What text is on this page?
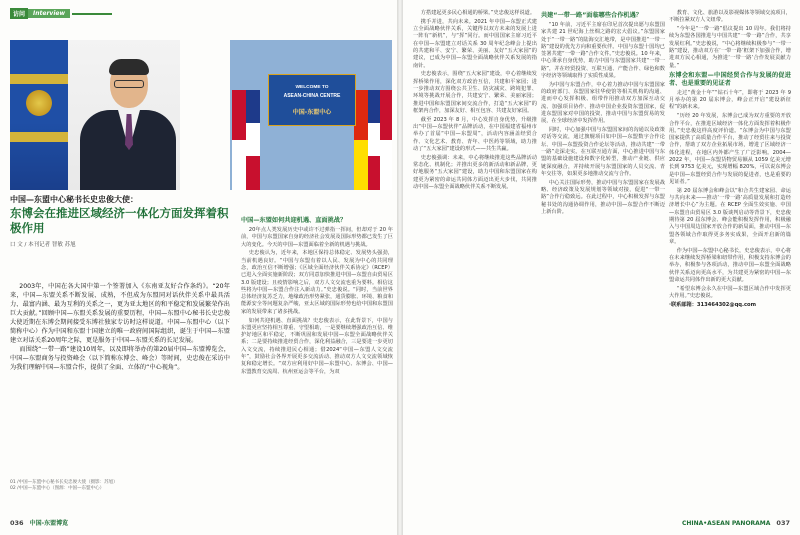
访问	Interview

中国—东盟中心秘书长史忠俊大使：

东博会在推进区域经济一体化方面发挥着积极作用

口 文 / 本刊记者 智敏 苏旭

2003年，中国在各大国中第一个签署加入《东南亚友好合作条约》。“20年来，中国—东盟关系不断发展、成熟，不但成为东盟同对话伙伴关系中最具活力、最富内涵、最为互利的关系之一，更为亚太地区的和平稳定和发展繁荣作出巨大贡献。”回顾中国—东盟关系发展的重要历程，中国—东盟中心秘书长史忠俊大使近期在东博会期间接受东博社独家专访时这样说道。中国—东盟中心（以下简称中心）作为中国和东盟十国建立的唯一政府间国际组织，诞生于中国—东盟建立对话关系20周年之际，更是服务于中国—东盟关系的长足发展。

而围绕“一带一路”建设10周年，以及即将举办的第20届中国—东盟博览会，中国—东盟商务与投资峰会（以下简称东博会、峰会）等时间，史忠俊在采访中为我们理解中国—东盟合作，提供了全面、立体的“中心视角”。

01 /中国—东盟中心秘书长史忠俊大使（摄影：苏旭）
02 /中国—东盟中心（图源：中国—东盟中心）
WELCOME TO
ASEAN-CHINA CENTRE
中国-东盟中心
中国—东盟如何共迎机遇、直面挑战？

20年点人类发展历史中或许不过弹指一挥间，但却对于 20 年前，中国与东盟国家自身的经济社会发展及国际形势都已发生了巨大的变化。今天的中国—东盟面临着全新的机遇与挑战。

史忠俊认为，近年来，本地区保持总体稳定、发展势头强劲，当前机遇良好。“中国与东盟有着以人民、发展为中心的共同理念，政治互信不断增强；《区域全面经济伙伴关系协定》（RCEP）已进入全面实施新阶段；双方同意加快推进中国—东盟自由贸易区 3.0 版建设；且疫情影响之后，双方人文交流也重为要料。相信这些将为中国—东盟合作注入新动力。”史忠俊说。“同时，当前世界总体经济复苏乏力，地缘政治形势紧张，通货膨胀、环境、粮食和能源安全等问题复杂严峻，亚太区域的国际形势也给中国和东盟国家的发展带来了诸多挑战。

如何共迎机遇、直面挑战？史忠俊表示，在此背景下，中国与东盟更应坚持相互尊重、守望相助，一是要继续增强政治互信、维护好地区和平稳定，不断巩固和发展中国—东盟全面战略伙伴关系；二是要持续推进经贸合作，深化利益融合，三是要进一步更切入文交流，持续推进民心相通；借2024“中国—东盟人文交流年”，鼓励社会各界开展更多交流活动、推动双方人文交流领域恢复和稳定增长。“双方应利用好中国—东盟中心、东博会、中国—东盟教育交流周、杭州亚运会等平台，为双

036 中国-东盟博览

方搭建起更多民心相通的桥梁。”史忠俊这样说道。

携手并进，共向未来。2021 年中国—东盟正式建立全面战略伙伴关系，关键得以双方未来的发展上进一阵有“新机”，与“挥”同行。而中国国家主席习近平在中国—东盟建立对话关系 30 周年纪念峰会上提出的共建和平、安宁、繁荣、美丽、友好“五大家园”的建议，已成为中国—东盟全面战略伙伴关系发展的指南针。

史忠俊表示，围绕“五大家园”建设，中心着继续发挥桥梁作用，深化双方政治互信，共建和平家园；进一步推动双方围绕公共卫生、防灾减灾、跨境犯罪、环境等挑战开展合作，共建安宁、繁荣、美丽家园；推进中国和东盟国家间交流合作，打造“五大家园”的框架内合作，加深友好、相互包容、共建友好家园。

截至 2023 年 8 月，中心发挥自身优势，升级推出“中国—东盟伙伴”品牌活动，在中国福建省福州市举办了首届“中国—东盟周”，活动内容涵盖经贸合作、文化艺术、教育、青年、中医药等领域，助力推动了“五大家园”建设的形式——共生共赢。

史忠俊强调：未来，中心将继续推进这些品牌活动常态化、机制化；并推出更多的新活动和新品牌，更好地服务“五大家园”建设，助力中国和东盟国家在构建更为紧密的命运共同体方面迈出更大步伐，共同推动中国—东盟全面战略伙伴关系不断发展。

共建“一带一路”面临哪些合作机遇？

“10 年前，习近平主席在印尼首次提出愿与东盟国家共建 21 世纪海上丝绸之路的宏大倡议。”东盟国家处于“一带一路”的陆海交汇地带，是中国推进“一带一路”建设的优先方向和重要伙伴。中国与东盟十国均已签署共建“一带一路”合作文件。”史忠俊说。10 年来，中心秉承自身优势，助力中国与东盟国家共建“一带一路”，并在经贸投资、互联互通、产能合作、绿色和数字经济等领域取得了实质性成果。

为中国与东盟合作，中心着力推动中国与东盟国家的政府部门、东盟国家驻华使馆等相关机构的沟通、进而中心发挥积极、组带作用推动双方加深互动交流、加强项目协作、推动中国企业投资东盟国家，促进东盟国家对中国的投资，推动中国与东盟贸易的发展，在全球经济中发挥作用。

同时，中心加强中国与东盟国家间的沟通以及政策对话等交流，通过旗舰项目如中国—东盟数字合作论坛、中国—东盟投资合作论坛等活动，推动共建“一带一路”走深走实。在互联互通方面，中心推进中国与东盟的基础设施建设和数字化转型，推动产业链、供应链深度融合，并持续开展与东盟国家的人员交流、青年交往等，如果更多地推动交流与合作。

中心关注国际形势，推动中国与东盟国家在发展战略、经济政策及发展规划等领域对接，促进“一带一路”合作行稳致远。在此过程中，中心积极发挥与东盟秘书处的沟通协调作用，推动中国—东盟合作不断迈上新台阶。

教育、文化、旅游以及影视媒体等领域交流项目，不断拉紧双方人文纽带。

“今年是“一带一路”倡议提出 10 周年。我们将持续为东盟各国推进与中国共建“一带一路”合作，共享发展红利。”史忠俊说，“中心将继续积极参与“一带一路”建设，推动双方在‘一带一路’框架下加强合作，增进双方民心相通，为推进‘一带一路’合作发展贡献力量。”

东博会和东盟—中国经贸合作与发展的促进者、也是重要的见证者

走过“黄金十年”“钻石十年”，即将于 2023 年 9 月举办的第 20 届东博会，峰会正开启“建设新征程”的新未来。

“历经 20 年发展，东博会已成为双方重要的开放合作平台，在推进区域经济一体化方面发挥着积极作用。”史忠俊这样高度评价道。“东博会为中国与东盟国家提供了高质量合作平台，推动了经贸往来与投资合作，帮助了双方企业拓展市场，增进了区域经济一体化进程，在地区内外都产生了广泛影响。2004—2022 年，中国—东盟货物贸易额从 1059 亿美元增长到 9753 亿美元，实现增幅 820%，可以说东博会是中国—东盟经贸合作与发展的促进者，也是重要的见证者。”

第 20 届东博会和峰会以“和合共生建家园、命运与共向未来——推动‘一带一路’高质量发展和打造经济增长中心”为主题。在 RCEP 全面生效实施、中国—东盟自由贸易区 3.0 版谈判启动等背景下，史忠俊期待第 20 届东博会、峰会能积极发挥作用，积极融入与中国周边国家开放合作的新局面，推动中国—东盟各领域合作取得更多务实成果，全面开启新的篇章。

作为中国—东盟中心秘书长，史忠俊表示，中心将在未来继续发挥桥梁和纽带作用，积极支持东博会的举办，积极参与各项活动，推动中国—东盟全面战略伙伴关系迈向更高水平，为共建更为紧密的中国—东盟命运共同体作出新的更大贡献。

“希望东博会永久在中国—东盟区域合作中发挥更大作用。”史忠俊说。

·联系邮箱：313464302@qq.com
CHINA•ASEAN PANORAMA 037
